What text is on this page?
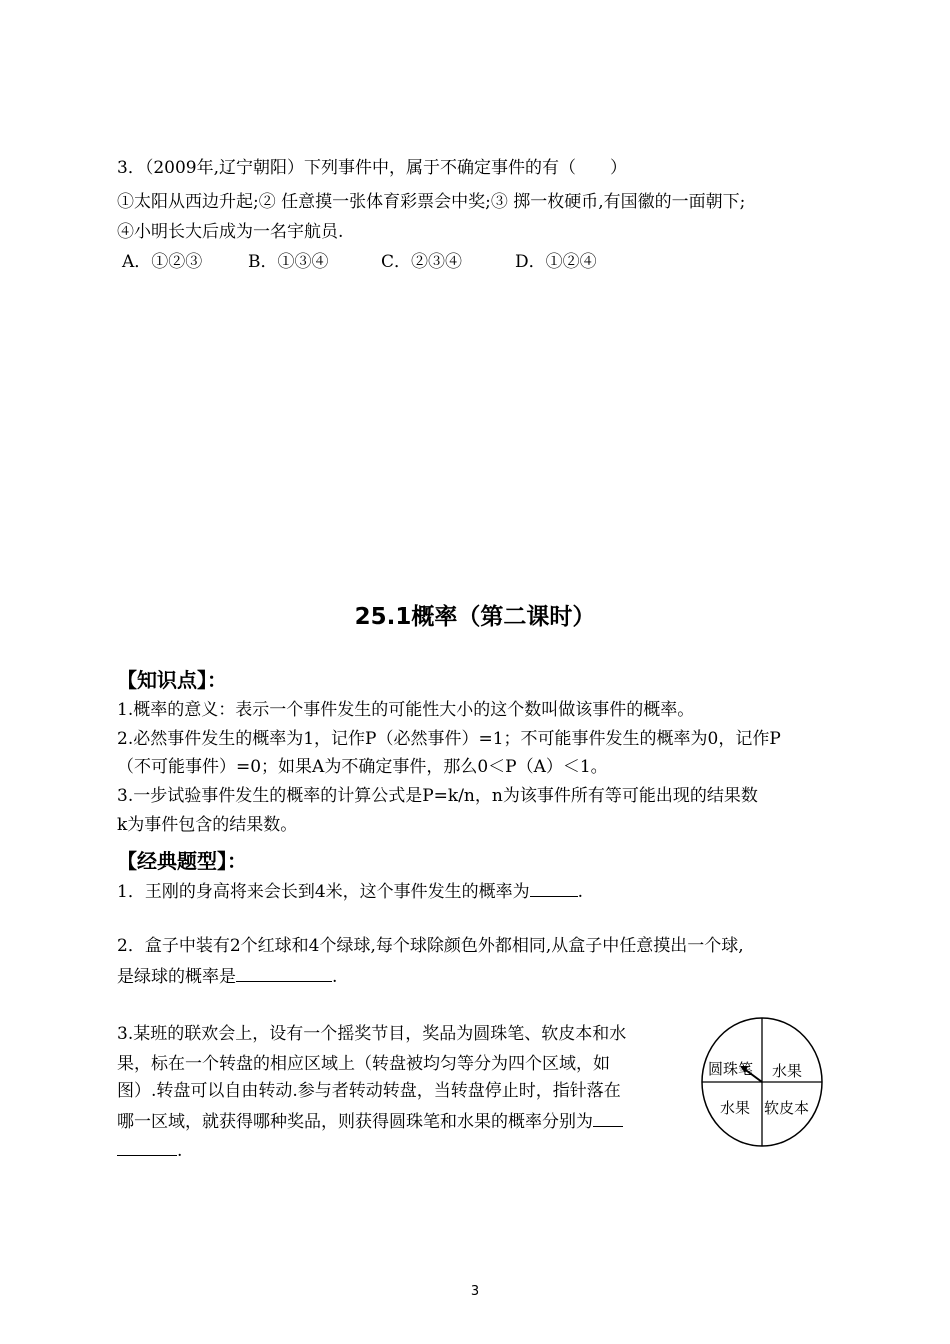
3．（2009年,辽宁朝阳）下列事件中，属于不确定事件的有（　　）
①太阳从西边升起;② 任意摸一张体育彩票会中奖;③ 掷一枚硬币,有国徽的一面朝下;
④小明长大后成为一名宇航员.
A．①②③	B．①③④	C．②③④	D．①②④
25.1概率（第二课时）
【知识点】：
1.概率的意义：表示一个事件发生的可能性大小的这个数叫做该事件的概率。
2.必然事件发生的概率为1，记作P（必然事件）=1；不可能事件发生的概率为0，记作P
（不可能事件）=0；如果A为不确定事件，那么0＜P（A）＜1。
3.一步试验事件发生的概率的计算公式是P=k/n，n为该事件所有等可能出现的结果数
k为事件包含的结果数。
【经典题型】：
1．王刚的身高将来会长到4米，这个事件发生的概率为	.
2．盒子中装有2个红球和4个绿球,每个球除颜色外都相同,从盒子中任意摸出一个球,
是绿球的概率是	.
3.某班的联欢会上，设有一个摇奖节目，奖品为圆珠笔、软皮本和水
果，标在一个转盘的相应区域上（转盘被均匀等分为四个区域，如
图）.转盘可以自由转动.参与者转动转盘，当转盘停止时，指针落在
哪一区域，就获得哪种奖品，则获得圆珠笔和水果的概率分别为
.
圆珠笔 水果
水果 软皮本
3
